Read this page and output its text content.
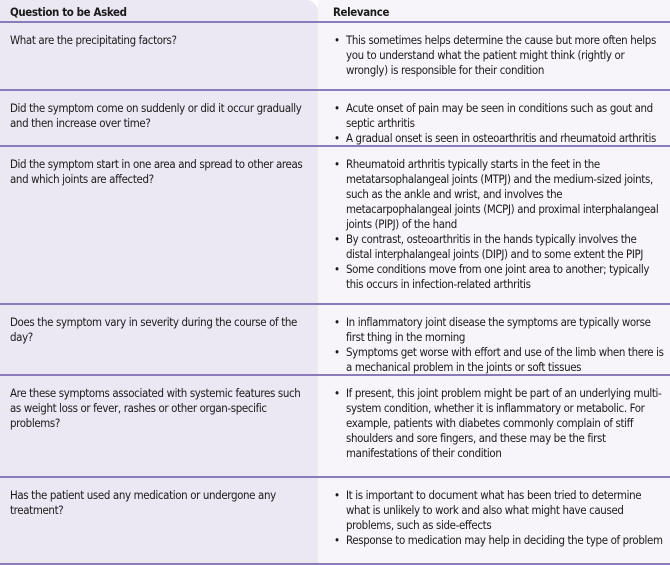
Question to be Asked	Relevance
What are the precipitating factors?	• This sometimes helps determine the cause but more often helps you to understand what the patient might think (rightly or wrongly) is responsible for their condition
Did the symptom come on suddenly or did it occur gradually and then increase over time?
• Acute onset of pain may be seen in conditions such as gout and septic arthritis
• A gradual onset is seen in osteoarthritis and rheumatoid arthritis
Did the symptom start in one area and spread to other areas and which joints are affected?
• Rheumatoid arthritis typically starts in the feet in the metatarsophalangeal joints (MTPJ) and the medium-sized joints, such as the ankle and wrist, and involves the metacarpophalangeal joints (MCPJ) and proximal interphalangeal joints (PIPJ) of the hand
• By contrast, osteoarthritis in the hands typically involves the distal interphalangeal joints (DIPJ) and to some extent the PIPJ
• Some conditions move from one joint area to another; typically this occurs in infection-related arthritis
Does the symptom vary in severity during the course of the day?
• In inflammatory joint disease the symptoms are typically worse first thing in the morning
• Symptoms get worse with effort and use of the limb when there is a mechanical problem in the joints or soft tissues
Are these symptoms associated with systemic features such as weight loss or fever, rashes or other organ-specific problems?
• If present, this joint problem might be part of an underlying multi-system condition, whether it is inflammatory or metabolic. For example, patients with diabetes commonly complain of stiff shoulders and sore fingers, and these may be the first manifestations of their condition
Has the patient used any medication or undergone any treatment?
• It is important to document what has been tried to determine what is unlikely to work and also what might have caused problems, such as side-effects
• Response to medication may help in deciding the type of problem
